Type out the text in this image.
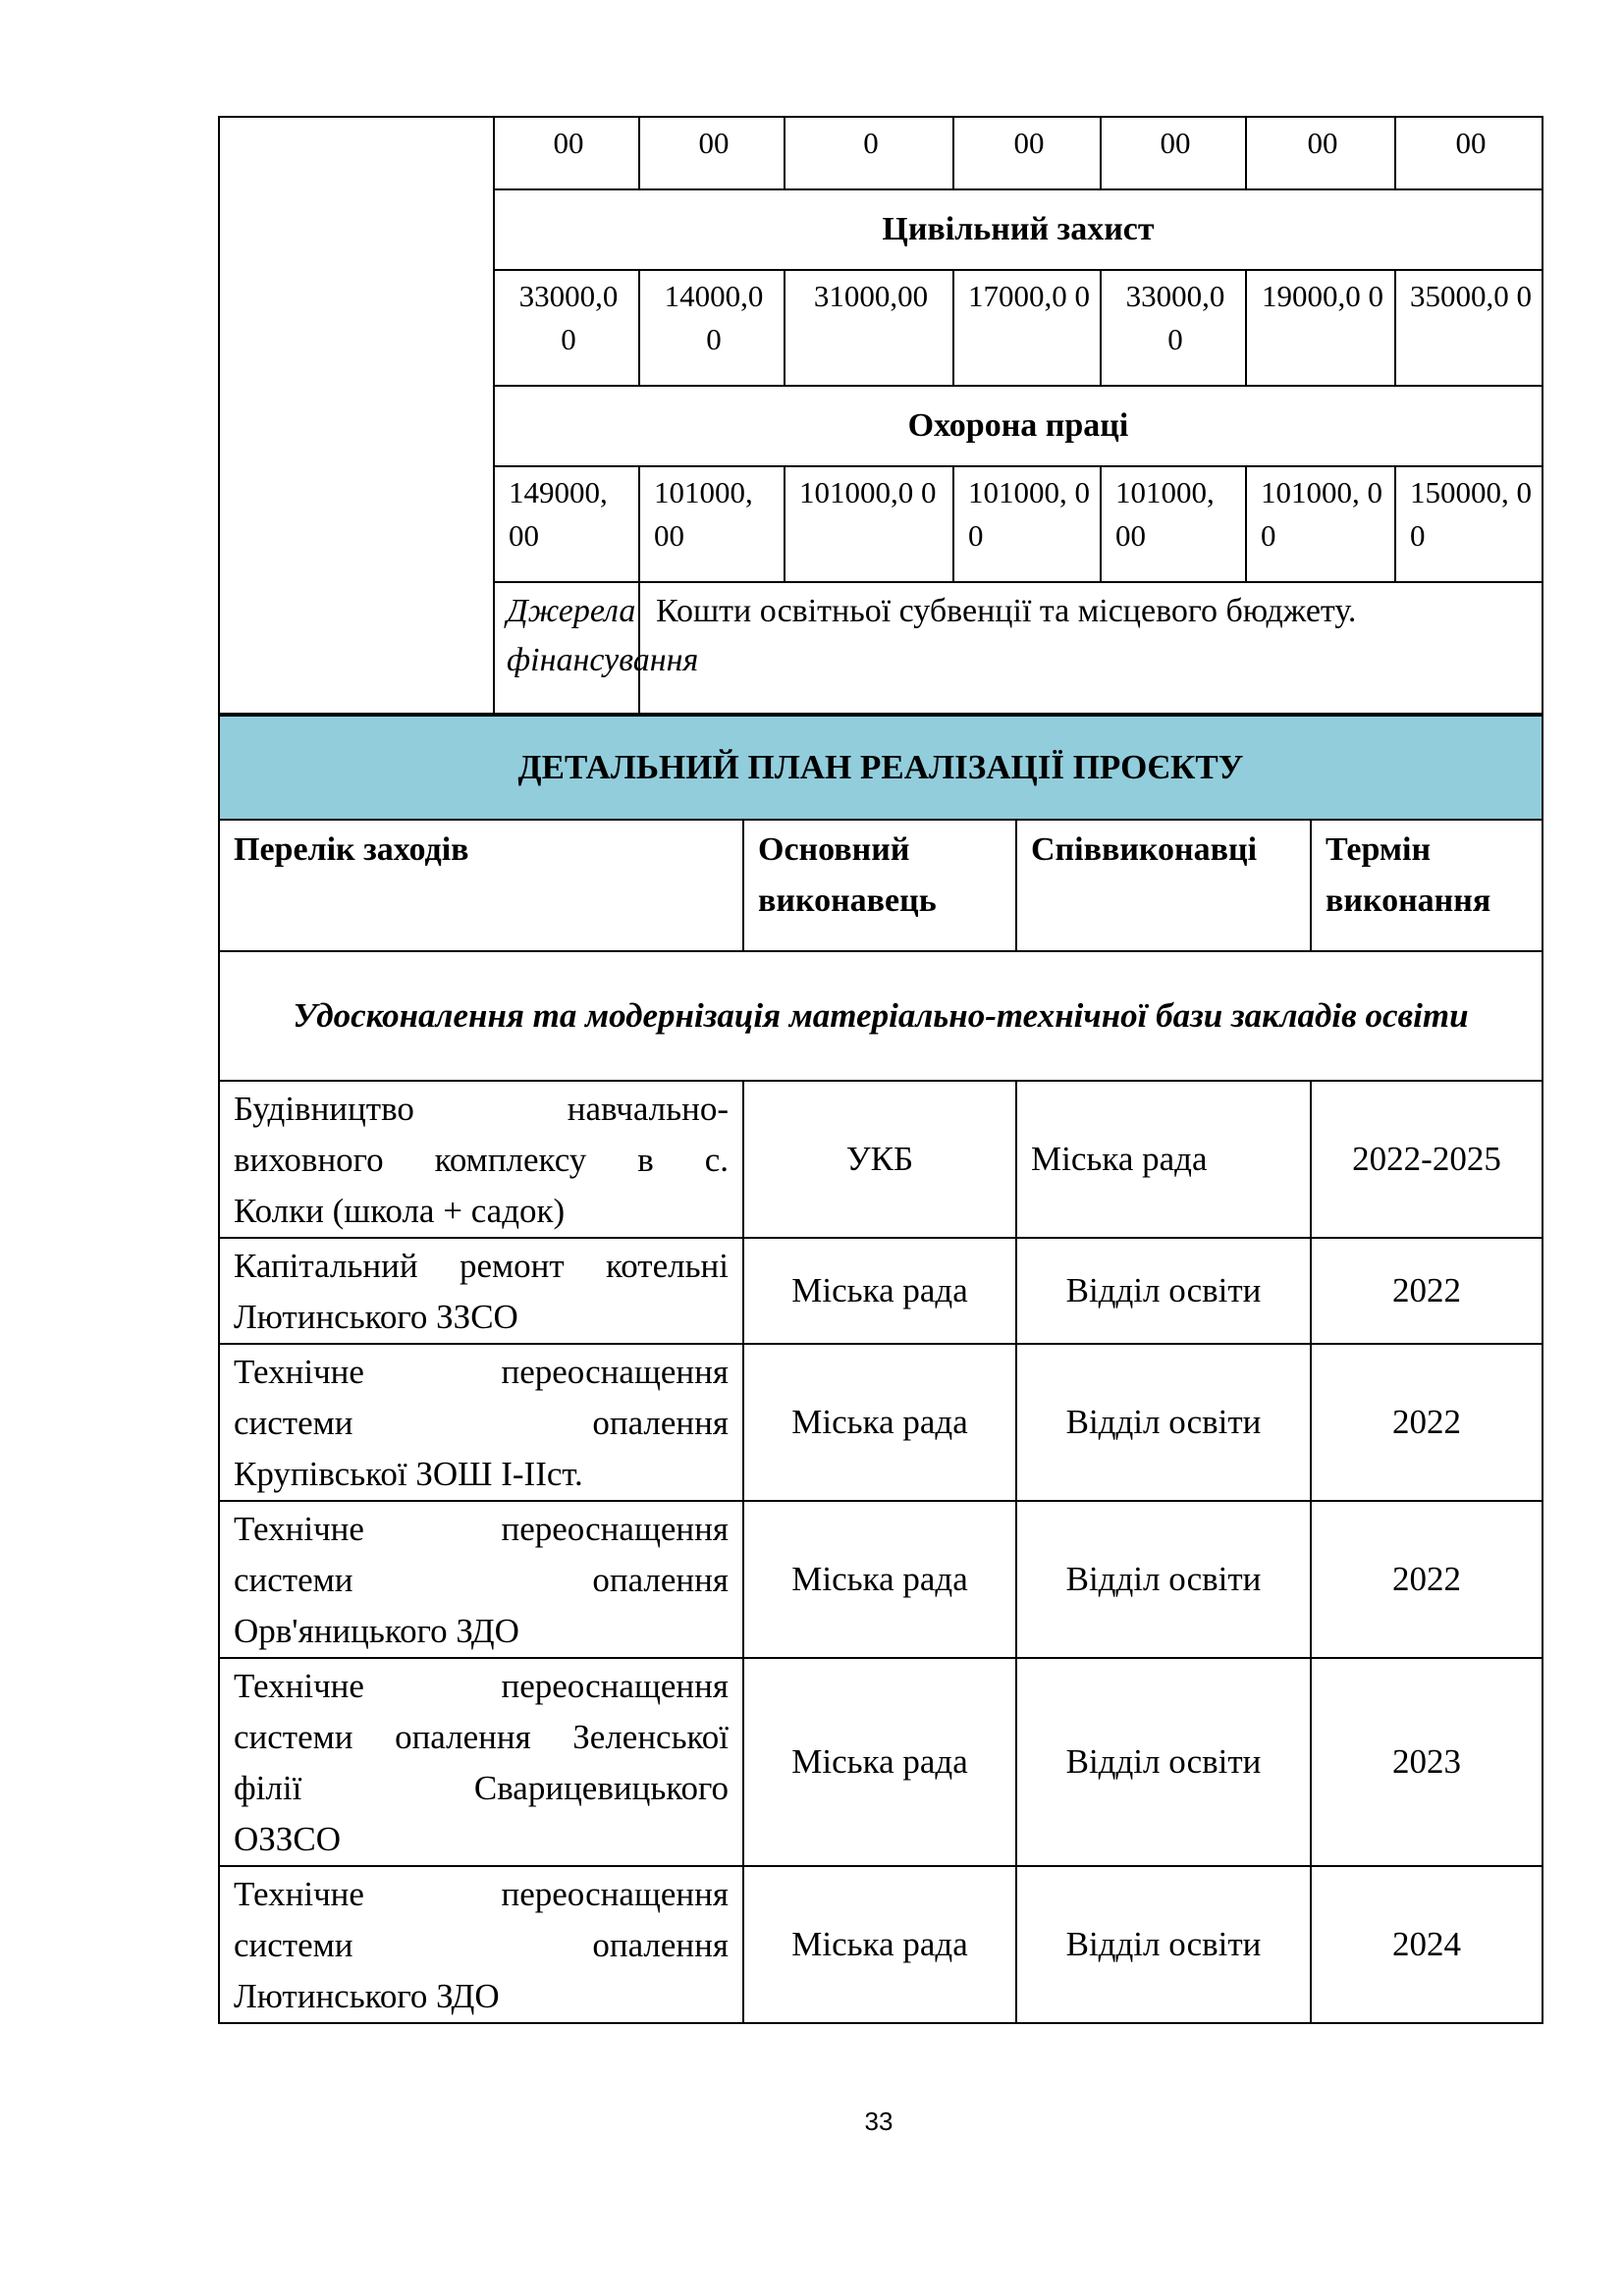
	00	00	0	00	00	00	00
	Цивільний захист						
	33000,0 0	14000,0 0	31000,00	17000,0 0	33000,0 0	19000,0 0	35000,0 0
	Охорона праці						
	149000, 00	101000, 00	101000,0 0	101000, 00	101000, 00	101000, 00	150000, 00
	Джерела фінансування	Кошти освітньої субвенції та місцевого бюджету.					
ДЕТАЛЬНИЙ ПЛАН РЕАЛІЗАЦІЇ ПРОЄКТУ			
Перелік заходів	Основний виконавець	Співвиконавці	Термін виконання
Удосконалення та модернізація матеріально-технічної бази закладів освіти			
Будівництво навчально-
виховного комплексу в с.

Колки (школа + садок)	УКБ	Міська рада	2022-2025
Капітальний ремонт котельні

Лютинського ЗЗСО	Міська рада	Відділ освіти	2022
Технічне переоснащення
системи опалення

Крупівської ЗОШ І-ІІст.	Міська рада	Відділ освіти	2022
Технічне переоснащення
системи опалення

Орв'яницького ЗДО	Міська рада	Відділ освіти	2022
Технічне переоснащення
системи опалення Зеленської
філії Сварицевицького

ОЗЗСО	Міська рада	Відділ освіти	2023
Технічне переоснащення
системи опалення

Лютинського ЗДО	Міська рада	Відділ освіти	2024
33
